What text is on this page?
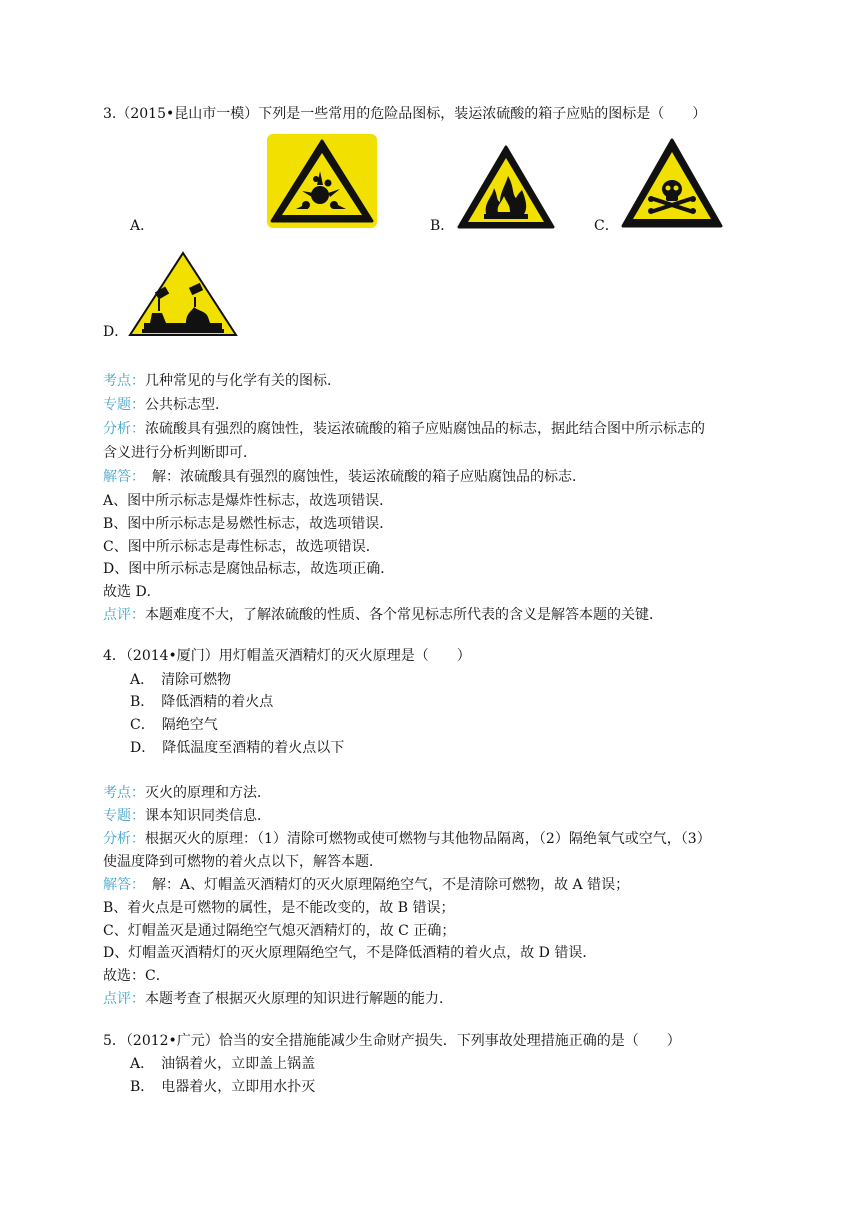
3.（2015•昆山市一模）下列是一些常用的危险品图标，装运浓硫酸的箱子应贴的图标是（　　）
A．	B．	C．
D．
考点：几种常见的与化学有关的图标．
专题：公共标志型．
分析：浓硫酸具有强烈的腐蚀性，装运浓硫酸的箱子应贴腐蚀品的标志，据此结合图中所示标志的
含义进行分析判断即可．
解答：　解：浓硫酸具有强烈的腐蚀性，装运浓硫酸的箱子应贴腐蚀品的标志．
A、图中所示标志是爆炸性标志，故选项错误．
B、图中所示标志是易燃性标志，故选项错误．
C、图中所示标志是毒性标志，故选项错误．
D、图中所示标志是腐蚀品标志，故选项正确．
故选 D．
点评：本题难度不大，了解浓硫酸的性质、各个常见标志所代表的含义是解答本题的关键．
4．（2014•厦门）用灯帽盖灭酒精灯的灭火原理是（　　）
A．　 清除可燃物
B．　 降低酒精的着火点
C．　 隔绝空气
D．　 降低温度至酒精的着火点以下
考点：灭火的原理和方法．
专题：课本知识同类信息．
分析：根据灭火的原理：（1）清除可燃物或使可燃物与其他物品隔离，（2）隔绝氧气或空气，（3）
使温度降到可燃物的着火点以下，解答本题．
解答：　解：A、灯帽盖灭酒精灯的灭火原理隔绝空气，不是清除可燃物，故 A 错误；
B、着火点是可燃物的属性，是不能改变的，故 B 错误；
C、灯帽盖灭是通过隔绝空气熄灭酒精灯的，故 C 正确；
D、灯帽盖灭酒精灯的灭火原理隔绝空气，不是降低酒精的着火点，故 D 错误．
故选：C．
点评：本题考查了根据灭火原理的知识进行解题的能力．
5．（2012•广元）恰当的安全措施能减少生命财产损失．下列事故处理措施正确的是（　　）
A．　 油锅着火，立即盖上锅盖
B．　 电器着火，立即用水扑灭
